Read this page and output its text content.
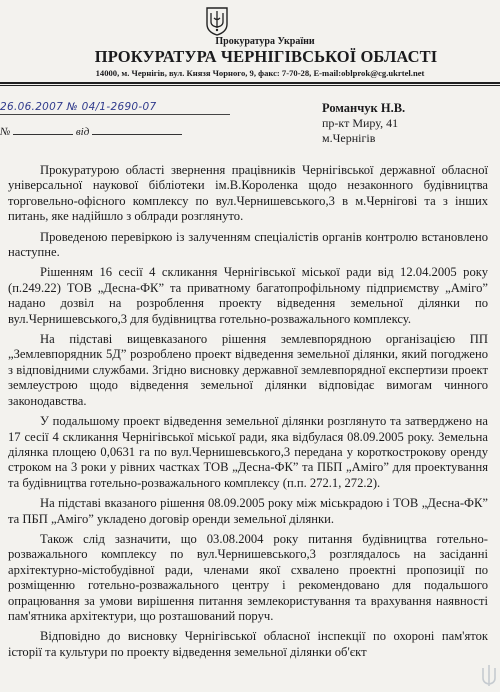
Прокуратура України
ПРОКУРАТУРА ЧЕРНІГІВСЬКОЇ ОБЛАСТІ
14000, м. Чернігів, вул. Князя Чорного, 9, факс: 7-70-28, E-mail:oblprok@cg.ukrtel.net
26.06.2007 № 04/1-2690-07
№	від
Романчук Н.В.
пр-кт Миру, 41
м.Чернігів

Прокуратурою області звернення працівників Чернігівської державної обласної універсальної наукової бібліотеки ім.В.Короленка щодо незаконного будівництва торговельно-офісного комплексу по вул.Чернишевського,3 в м.Чернігові та з інших питань, яке надійшло з облради розглянуто.

Проведеною перевіркою із залученням спеціалістів органів контролю встановлено наступне.

Рішенням 16 сесії 4 скликання Чернігівської міської ради від 12.04.2005 року (п.249.22) ТОВ „Десна-ФК” та приватному багатопрофільному підприємству „Аміго” надано дозвіл на розроблення проекту відведення земельної ділянки по вул.Чернишевського,3 для будівництва готельно-розважального комплексу.

На підставі вищевказаного рішення землевпорядною організацією ПП „Землевпорядник 5Д” розроблено проект відведення земельної ділянки, який погоджено з відповідними службами. Згідно висновку державної землевпорядної експертизи проект землеустрою щодо відведення земельної ділянки відповідає вимогам чинного законодавства.

У подальшому проект відведення земельної ділянки розглянуто та затверджено на 17 сесії 4 скликання Чернігівської міської ради, яка відбулася 08.09.2005 року. Земельна ділянка площею 0,0631 га по вул.Чернишевського,3 передана у короткострокову оренду строком на 3 роки у рівних частках ТОВ „Десна-ФК” та ПБП „Аміго” для проектування та будівництва готельно-розважального комплексу (п.п. 272.1, 272.2).

На підставі вказаного рішення 08.09.2005 року між міськрадою і ТОВ „Десна-ФК” та ПБП „Аміго” укладено договір оренди земельної ділянки.

Також слід зазначити, що 03.08.2004 року питання будівництва готельно-розважального комплексу по вул.Чернишевського,3 розглядалось на засіданні архітектурно-містобудівної ради, членами якої схвалено проектні пропозиції по розміщенню готельно-розважального центру і рекомендовано для подальшого опрацювання за умови вирішення питання землекористування та врахування наявності пам'ятника архітектури, що розташований поруч.

Відповідно до висновку Чернігівської обласної інспекції по охороні пам'яток історії та культури по проекту відведення земельної ділянки об'єкт
